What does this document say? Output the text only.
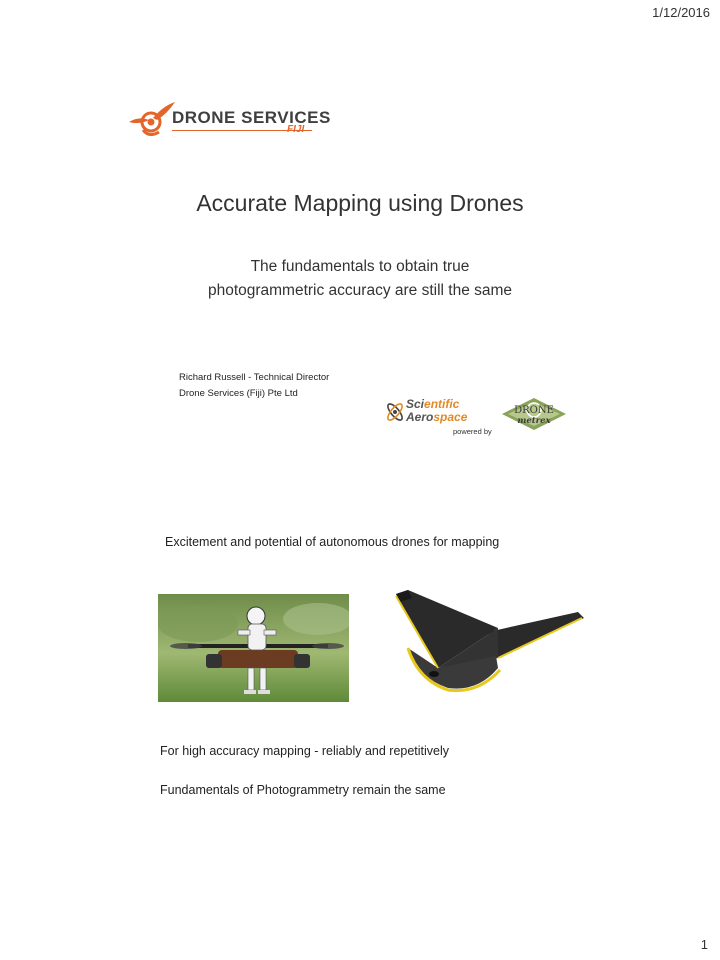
1/12/2016
DRONE SERVICES
FIJI
Accurate Mapping using Drones
The fundamentals to obtain true
photogrammetric accuracy are still the same
Richard Russell - Technical Director
Drone Services (Fiji) Pte Ltd
Scientific
Aerospace
powered by
DRONE
metrex
Excitement and potential of autonomous drones for mapping
For high accuracy mapping - reliably and repetitively
Fundamentals of Photogrammetry remain the same
1
